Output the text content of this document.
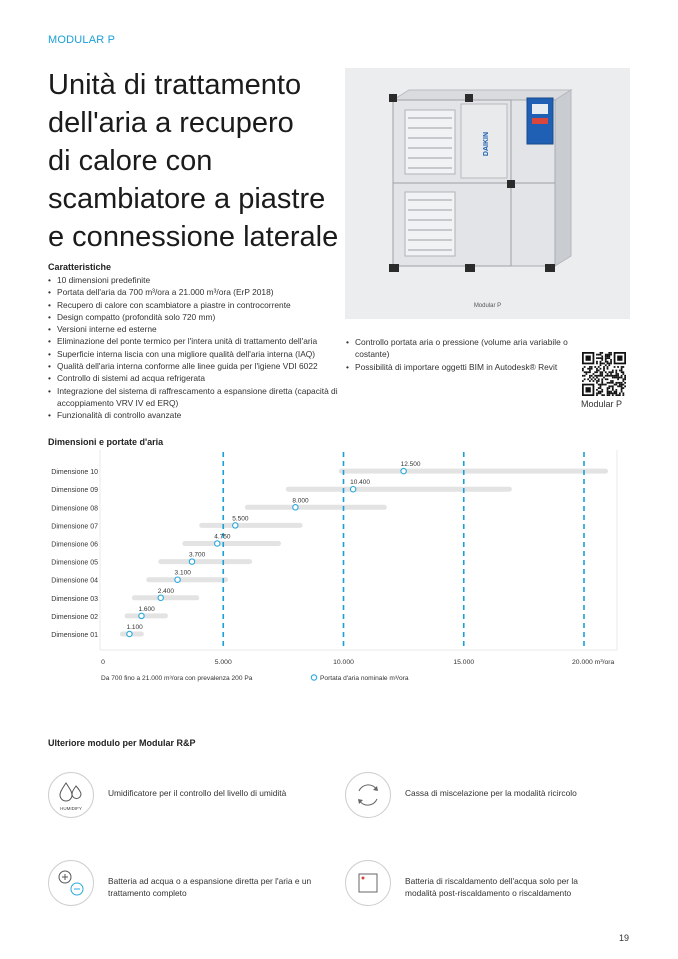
MODULAR P
Unità di trattamento
dell'aria a recupero
di calore con
scambiatore a piastre
e connessione laterale
DAIKIN
Modular P
Caratteristiche
• 10 dimensioni predefinite
• Portata dell'aria da 700 m³/ora a 21.000 m³/ora (ErP 2018)
• Recupero di calore con scambiatore a piastre in controcorrente
• Design compatto (profondità solo 720 mm)
• Versioni interne ed esterne
• Eliminazione del ponte termico per l'intera unità di trattamento dell'aria
• Superficie interna liscia con una migliore qualità dell'aria interna (IAQ)
• Qualità dell'aria interna conforme alle linee guida per l'igiene VDI 6022
• Controllo di sistemi ad acqua refrigerata
• Integrazione del sistema di raffrescamento a espansione diretta (capacità di accoppiamento VRV IV ed ERQ)
• Funzionalità di controllo avanzate
• Controllo portata aria o pressione (volume aria variabile o costante)
• Possibilità di importare oggetti BIM in Autodesk® Revit
Modular P
Dimensioni e portate d'aria
Dimensione 01
Dimensione 02
Dimensione 03
Dimensione 04
Dimensione 05
Dimensione 06
Dimensione 07
Dimensione 08
Dimensione 09
Dimensione 10
1.100
1.600
2.400
3.100
3.700
4.750
5.500
8.000
10.400
12.500
0	5.000	10.000	15.000	20.000 m³/ora
Da 700 fino a 21.000 m³/ora con prevalenza 200 Pa	Portata d'aria nominale m³/ora
Ulteriore modulo per Modular R&P
HUMIDIFY
Umidificatore per il controllo del livello di umidità	Cassa di miscelazione per la modalità ricircolo
Batteria ad acqua o a espansione diretta per l'aria e un trattamento completo
Batteria di riscaldamento dell'acqua solo per la modalità post-riscaldamento o riscaldamento
19
